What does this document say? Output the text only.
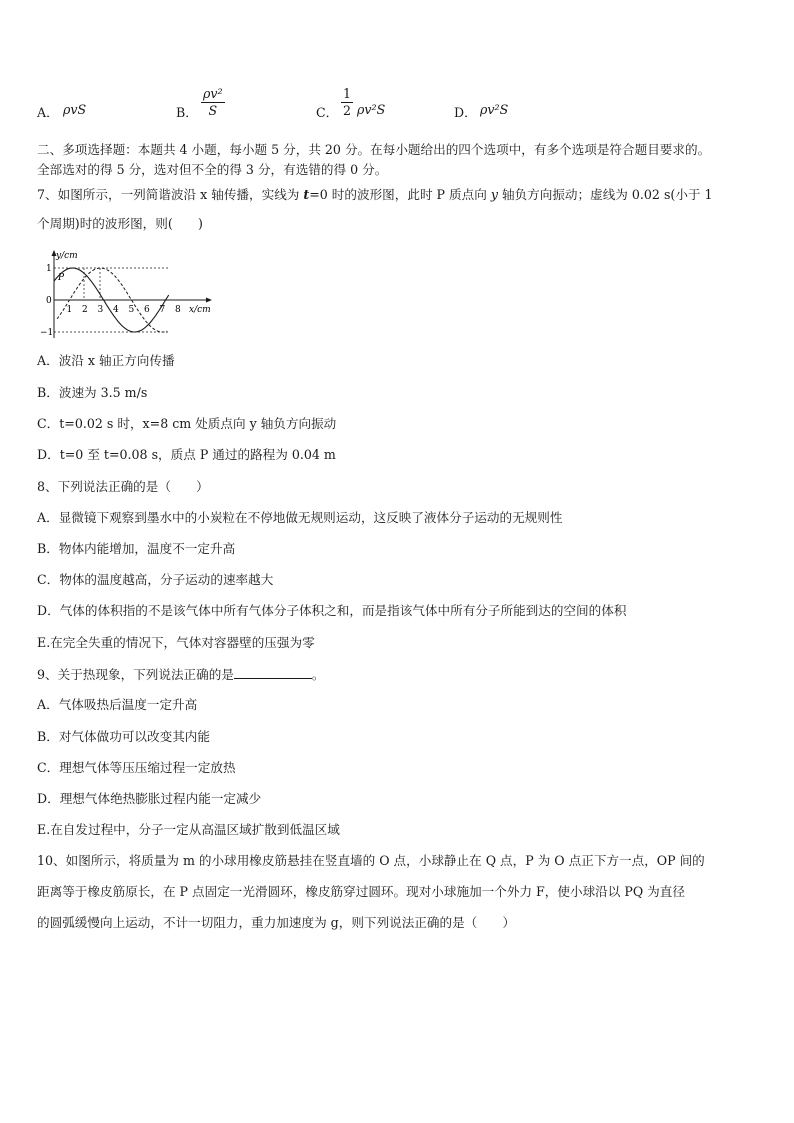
A． ρvS	B． $\frac{\text{ρv²}}{S}$	C． $\frac{1}{2} \rho v^2S$	D． ρv²S
二、多项选择题：本题共 4 小题，每小题 5 分，共 20 分。在每小题给出的四个选项中，有多个选项是符合题目要求的。
全部选对的得 5 分，选对但不全的得 3 分，有选错的得 0 分。
7、如图所示，一列简谐波沿 x 轴传播，实线为 t=0 时的波形图，此时 P 质点向 y 轴负方向振动；虚线为 0.02 s(小于 1
个周期)时的波形图，则(　　)
y/cm
x/cm
1
0
−1
P
1 2 3 4 5 6 7 8
A．波沿 x 轴正方向传播
B．波速为 3.5 m/s
C．t=0.02 s 时，x=8 cm 处质点向 y 轴负方向振动
D．t=0 至 t=0.08 s，质点 P 通过的路程为 0.04 m
8、下列说法正确的是（　　）
A．显微镜下观察到墨水中的小炭粒在不停地做无规则运动，这反映了液体分子运动的无规则性
B．物体内能增加，温度不一定升高
C．物体的温度越高，分子运动的速率越大
D．气体的体积指的不是该气体中所有气体分子体积之和，而是指该气体中所有分子所能到达的空间的体积
E.在完全失重的情况下，气体对容器壁的压强为零
9、关于热现象，下列说法正确的是	。
A．气体吸热后温度一定升高
B．对气体做功可以改变其内能
C．理想气体等压压缩过程一定放热
D．理想气体绝热膨胀过程内能一定减少
E.在自发过程中，分子一定从高温区域扩散到低温区域
10、如图所示，将质量为 m 的小球用橡皮筋悬挂在竖直墙的 O 点，小球静止在 Q 点，P 为 O 点正下方一点，OP 间的
距离等于橡皮筋原长，在 P 点固定一光滑圆环，橡皮筋穿过圆环。现对小球施加一个外力 F，使小球沿以 PQ 为直径
的圆弧缓慢向上运动，不计一切阻力，重力加速度为 g，则下列说法正确的是（　　）
